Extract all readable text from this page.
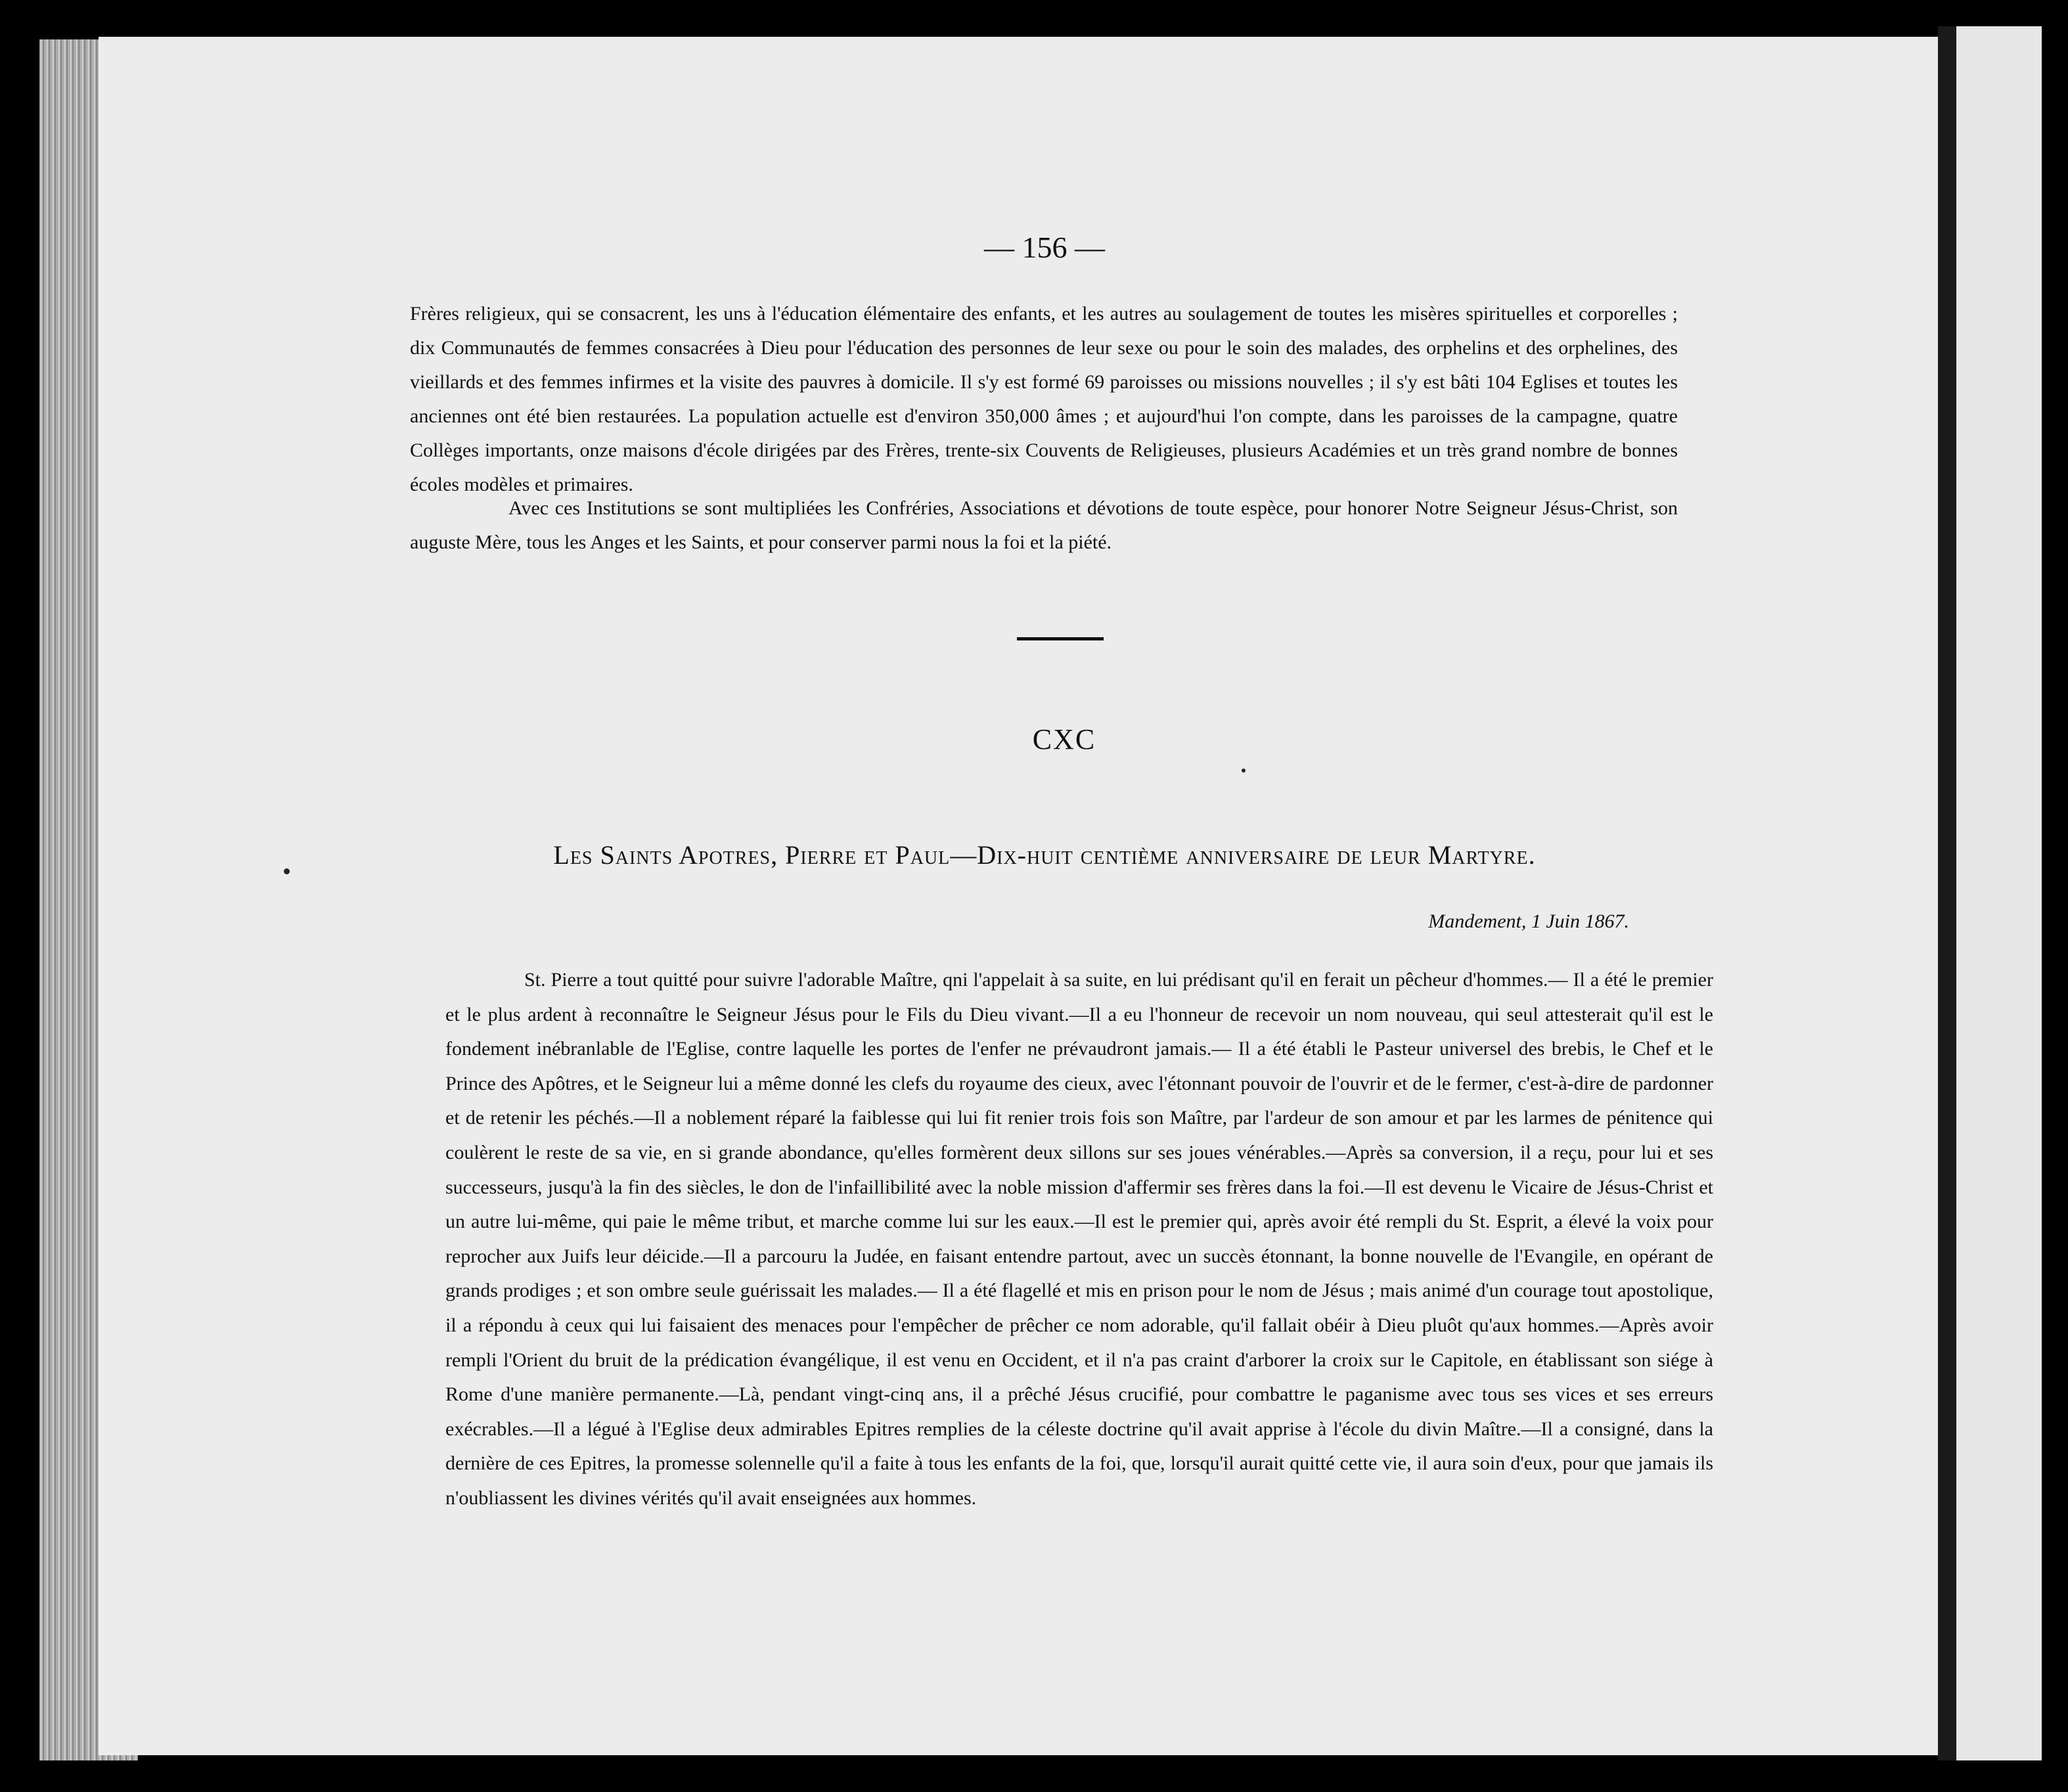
— 156 —

Frères religieux, qui se consacrent, les uns à l'éducation élémentaire des enfants, et les autres au soulagement de toutes les misères spirituelles et corporelles ; dix Communautés de femmes consacrées à Dieu pour l'éducation des personnes de leur sexe ou pour le soin des malades, des orphelins et des orphelines, des vieillards et des femmes infirmes et la visite des pauvres à domicile. Il s'y est formé 69 paroisses ou missions nouvelles ; il s'y est bâti 104 Eglises et toutes les anciennes ont été bien restaurées. La population actuelle est d'environ 350,000 âmes ; et aujourd'hui l'on compte, dans les paroisses de la campagne, quatre Collèges importants, onze maisons d'école dirigées par des Frères, trente-six Couvents de Religieuses, plusieurs Académies et un très grand nombre de bonnes écoles modèles et primaires.

Avec ces Institutions se sont multipliées les Confréries, Associations et dévotions de toute espèce, pour honorer Notre Seigneur Jésus-Christ, son auguste Mère, tous les Anges et les Saints, et pour conserver parmi nous la foi et la piété.

CXC
Les Saints Apotres, Pierre et Paul—Dix-huit centième anniversaire de leur Martyre.
Mandement, 1 Juin 1867.

St. Pierre a tout quitté pour suivre l'adorable Maître, qni l'appelait à sa suite, en lui prédisant qu'il en ferait un pêcheur d'hommes.— Il a été le premier et le plus ardent à reconnaître le Seigneur Jésus pour le Fils du Dieu vivant.—Il a eu l'honneur de recevoir un nom nouveau, qui seul attesterait qu'il est le fondement inébranlable de l'Eglise, contre laquelle les portes de l'enfer ne prévaudront jamais.— Il a été établi le Pasteur universel des brebis, le Chef et le Prince des Apôtres, et le Seigneur lui a même donné les clefs du royaume des cieux, avec l'étonnant pouvoir de l'ouvrir et de le fermer, c'est-à-dire de pardonner et de retenir les péchés.—Il a noblement réparé la faiblesse qui lui fit renier trois fois son Maître, par l'ardeur de son amour et par les larmes de pénitence qui coulèrent le reste de sa vie, en si grande abondance, qu'elles formèrent deux sillons sur ses joues vénérables.—Après sa conversion, il a reçu, pour lui et ses successeurs, jusqu'à la fin des siècles, le don de l'infaillibilité avec la noble mission d'affermir ses frères dans la foi.—Il est devenu le Vicaire de Jésus-Christ et un autre lui-même, qui paie le même tribut, et marche comme lui sur les eaux.—Il est le premier qui, après avoir été rempli du St. Esprit, a élevé la voix pour reprocher aux Juifs leur déicide.—Il a parcouru la Judée, en faisant entendre partout, avec un succès étonnant, la bonne nouvelle de l'Evangile, en opérant de grands prodiges ; et son ombre seule guérissait les malades.— Il a été flagellé et mis en prison pour le nom de Jésus ; mais animé d'un courage tout apostolique, il a répondu à ceux qui lui faisaient des menaces pour l'empêcher de prêcher ce nom adorable, qu'il fallait obéir à Dieu pluôt qu'aux hommes.—Après avoir rempli l'Orient du bruit de la prédication évangélique, il est venu en Occident, et il n'a pas craint d'arborer la croix sur le Capitole, en établissant son siége à Rome d'une manière permanente.—Là, pendant vingt-cinq ans, il a prêché Jésus crucifié, pour combattre le paganisme avec tous ses vices et ses erreurs exécrables.—Il a légué à l'Eglise deux admirables Epitres remplies de la céleste doctrine qu'il avait apprise à l'école du divin Maître.—Il a consigné, dans la dernière de ces Epitres, la promesse solennelle qu'il a faite à tous les enfants de la foi, que, lorsqu'il aurait quitté cette vie, il aura soin d'eux, pour que jamais ils n'oubliassent les divines vérités qu'il avait enseignées aux hommes.
